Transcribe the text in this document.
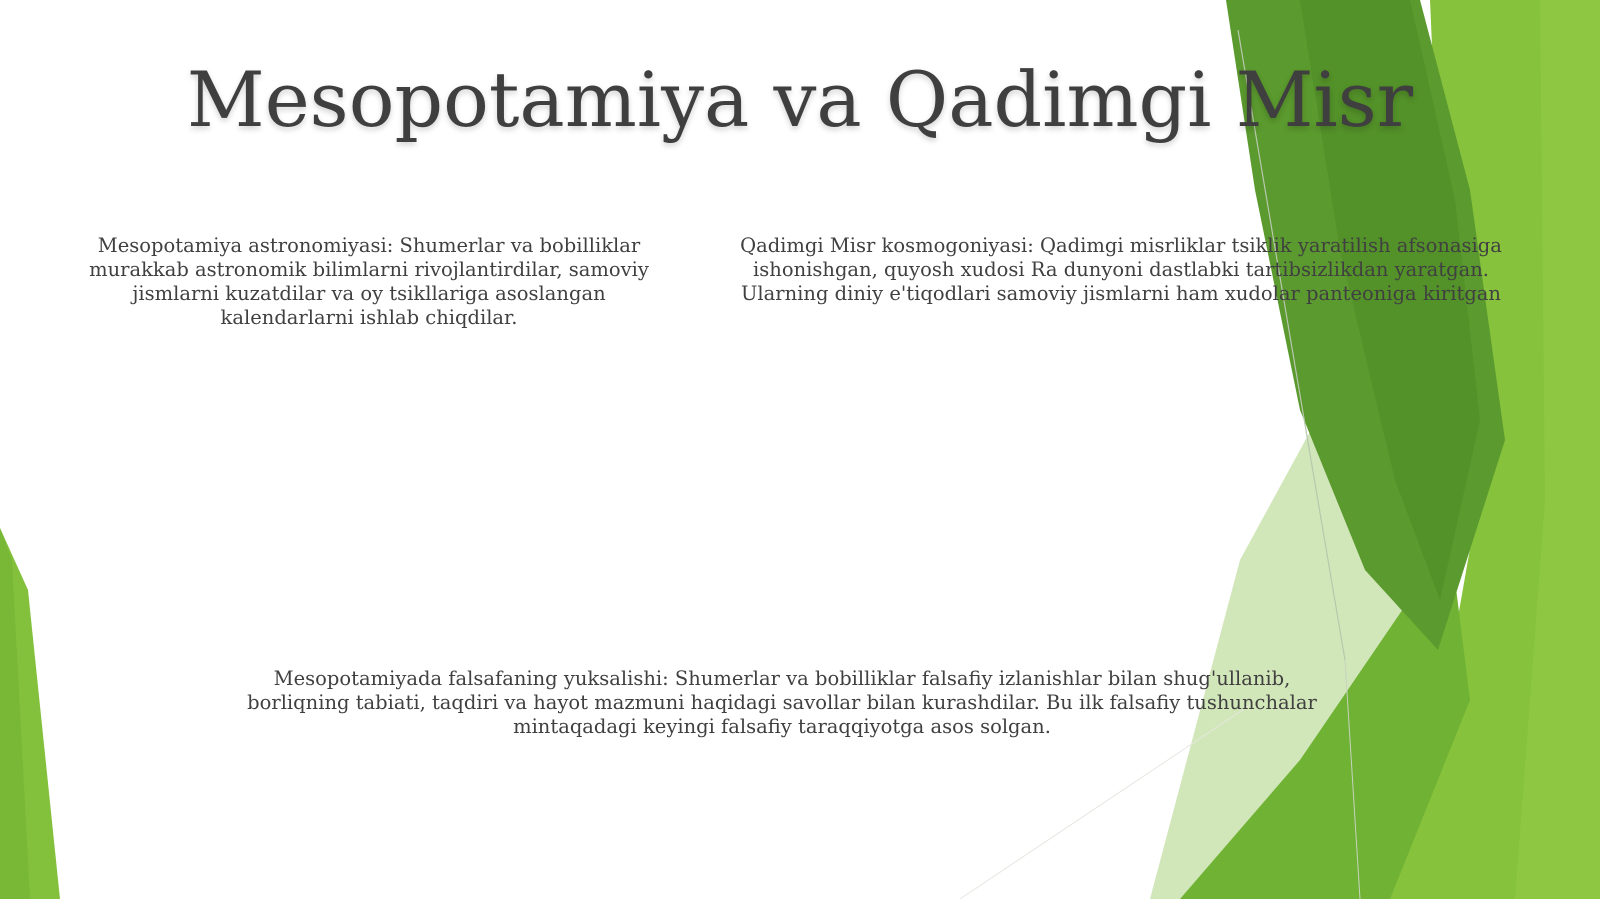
Mesopotamiya va Qadimgi Misr

Mesopotamiya astronomiyasi: Shumerlar va bobilliklar murakkab astronomik bilimlarni rivojlantirdilar, samoviy jismlarni kuzatdilar va oy tsikllariga asoslangan kalendarlarni ishlab chiqdilar.

Qadimgi Misr kosmogoniyasi: Qadimgi misrliklar tsiklik yaratilish afsonasiga ishonishgan, quyosh xudosi Ra dunyoni dastlabki tartibsizlikdan yaratgan. Ularning diniy e'tiqodlari samoviy jismlarni ham xudolar panteoniga kiritgan

Mesopotamiyada falsafaning yuksalishi: Shumerlar va bobilliklar falsafiy izlanishlar bilan shug'ullanib, borliqning tabiati, taqdiri va hayot mazmuni haqidagi savollar bilan kurashdilar. Bu ilk falsafiy tushunchalar mintaqadagi keyingi falsafiy taraqqiyotga asos solgan.
